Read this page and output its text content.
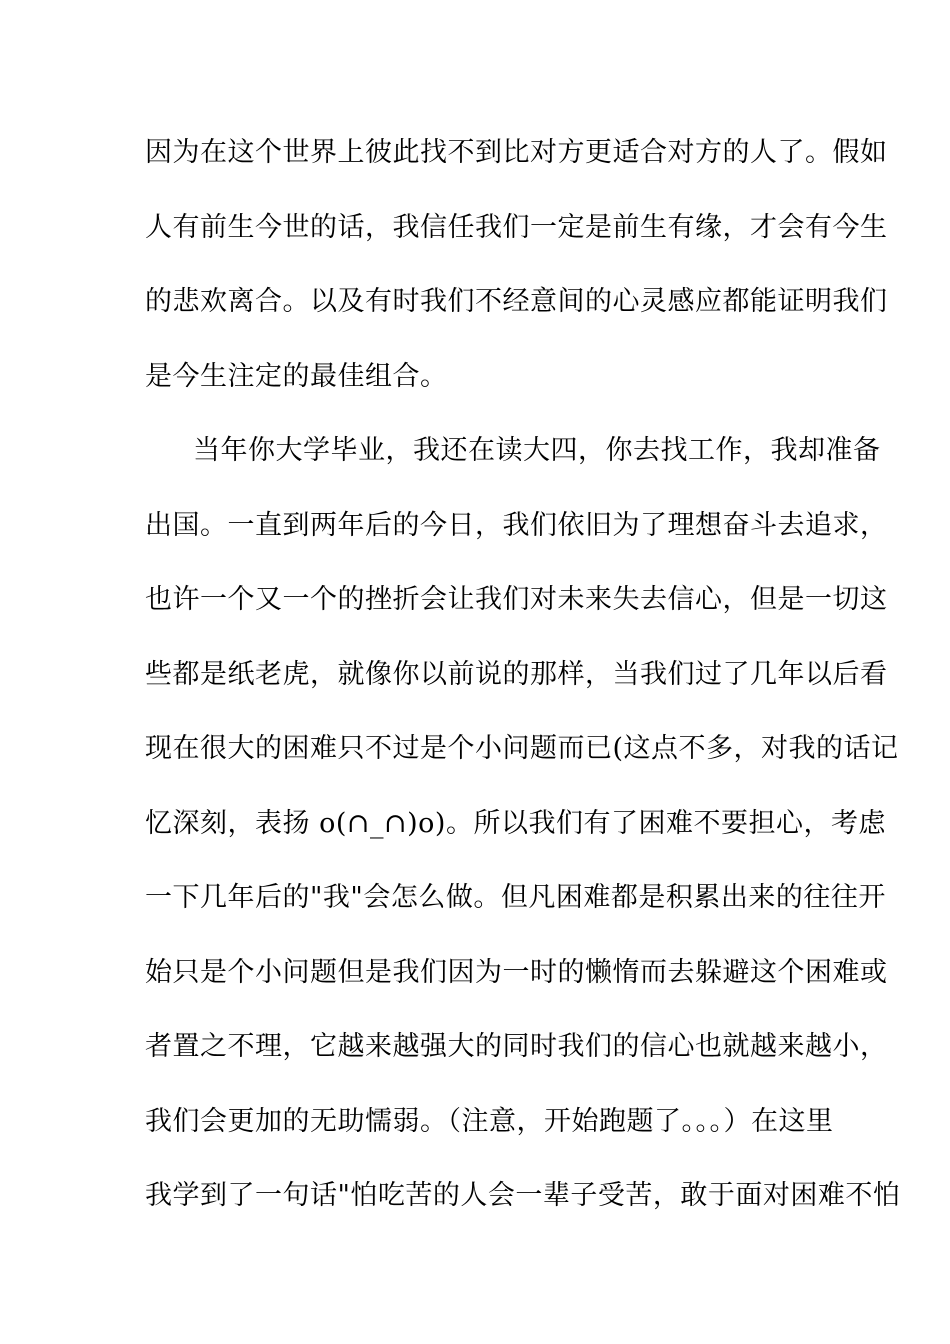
因为在这个世界上彼此找不到比对方更适合对方的人了。假如
人有前生今世的话，我信任我们一定是前生有缘，才会有今生
的悲欢离合。以及有时我们不经意间的心灵感应都能证明我们
是今生注定的最佳组合。
当年你大学毕业，我还在读大四，你去找工作，我却准备
出国。一直到两年后的今日，我们依旧为了理想奋斗去追求，
也许一个又一个的挫折会让我们对未来失去信心，但是一切这
些都是纸老虎，就像你以前说的那样，当我们过了几年以后看
现在很大的困难只不过是个小问题而已(这点不多，对我的话记
忆深刻，表扬 o(∩_∩)o)。所以我们有了困难不要担心，考虑
一下几年后的"我"会怎么做。但凡困难都是积累出来的往往开
始只是个小问题但是我们因为一时的懒惰而去躲避这个困难或
者置之不理，它越来越强大的同时我们的信心也就越来越小，
我们会更加的无助懦弱。（注意，开始跑题了。。。）在这里
我学到了一句话"怕吃苦的人会一辈子受苦，敢于面对困难不怕
